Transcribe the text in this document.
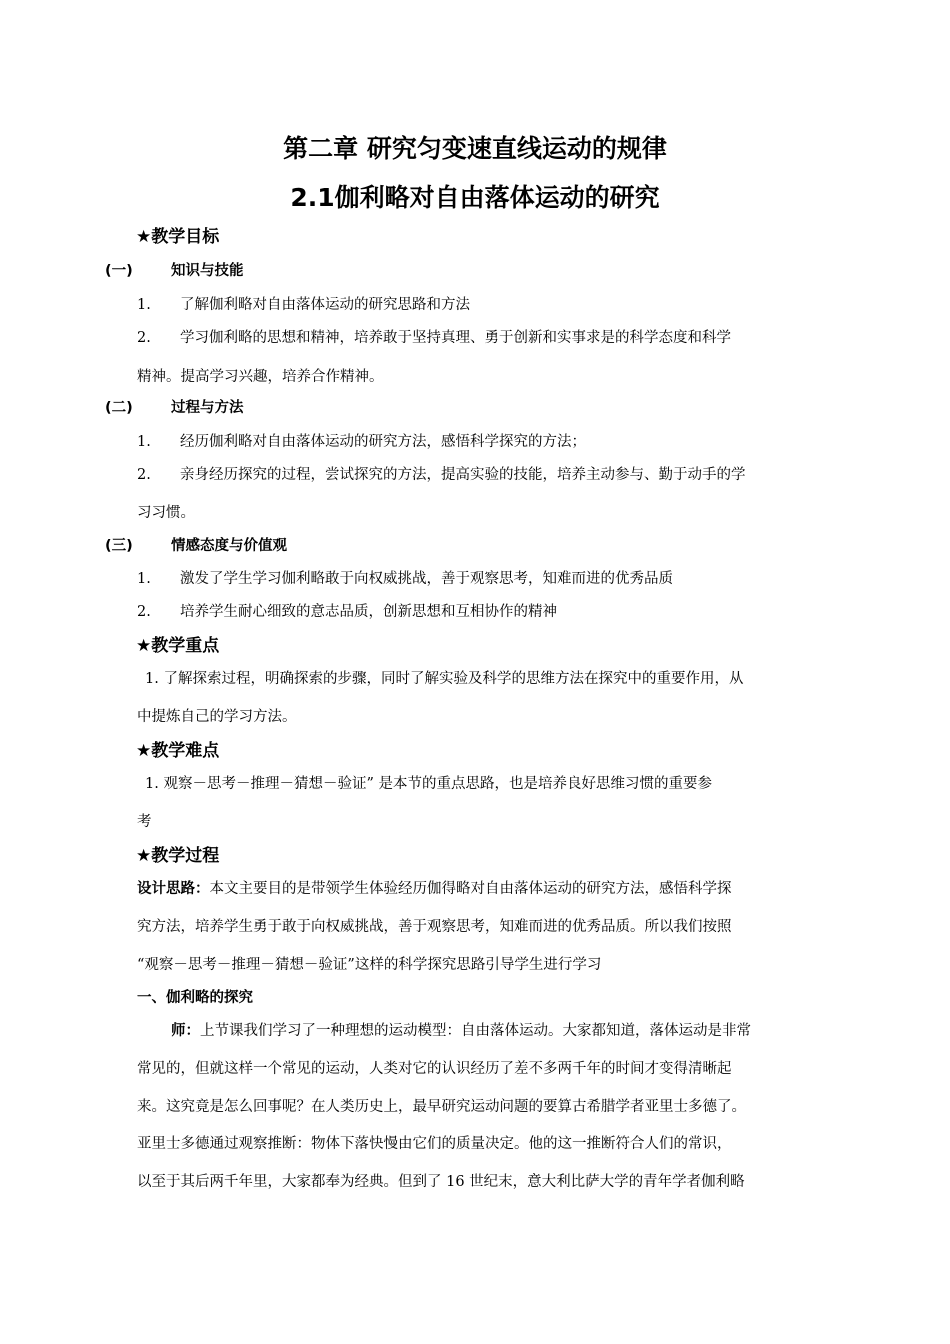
第二章 研究匀变速直线运动的规律
2.1伽利略对自由落体运动的研究
★教学目标
(一)	知识与技能
1. 了解伽利略对自由落体运动的研究思路和方法
2. 学习伽利略的思想和精神，培养敢于坚持真理、勇于创新和实事求是的科学态度和科学
精神。提高学习兴趣，培养合作精神。
(二)	过程与方法
1. 经历伽利略对自由落体运动的研究方法，感悟科学探究的方法；
2. 亲身经历探究的过程，尝试探究的方法，提高实验的技能，培养主动参与、勤于动手的学
习习惯。
(三)	情感态度与价值观
1. 激发了学生学习伽利略敢于向权威挑战，善于观察思考，知难而进的优秀品质
2. 培养学生耐心细致的意志品质，创新思想和互相协作的精神
★教学重点
1. 了解探索过程，明确探索的步骤，同时了解实验及科学的思维方法在探究中的重要作用，从
中提炼自己的学习方法。
★教学难点
1. 观察－思考－推理－猜想－验证” 是本节的重点思路，也是培养良好思维习惯的重要参
考
★教学过程
设计思路：本文主要目的是带领学生体验经历伽得略对自由落体运动的研究方法，感悟科学探
究方法，培养学生勇于敢于向权威挑战，善于观察思考，知难而进的优秀品质。所以我们按照
“观察－思考－推理－猜想－验证”这样的科学探究思路引导学生进行学习
一、伽利略的探究
师：上节课我们学习了一种理想的运动模型：自由落体运动。大家都知道，落体运动是非常
常见的，但就这样一个常见的运动，人类对它的认识经历了差不多两千年的时间才变得清晰起
来。这究竟是怎么回事呢？在人类历史上，最早研究运动问题的要算古希腊学者亚里士多德了。
亚里士多德通过观察推断：物体下落快慢由它们的质量决定。他的这一推断符合人们的常识，
以至于其后两千年里，大家都奉为经典。但到了 16 世纪末，意大利比萨大学的青年学者伽利略
